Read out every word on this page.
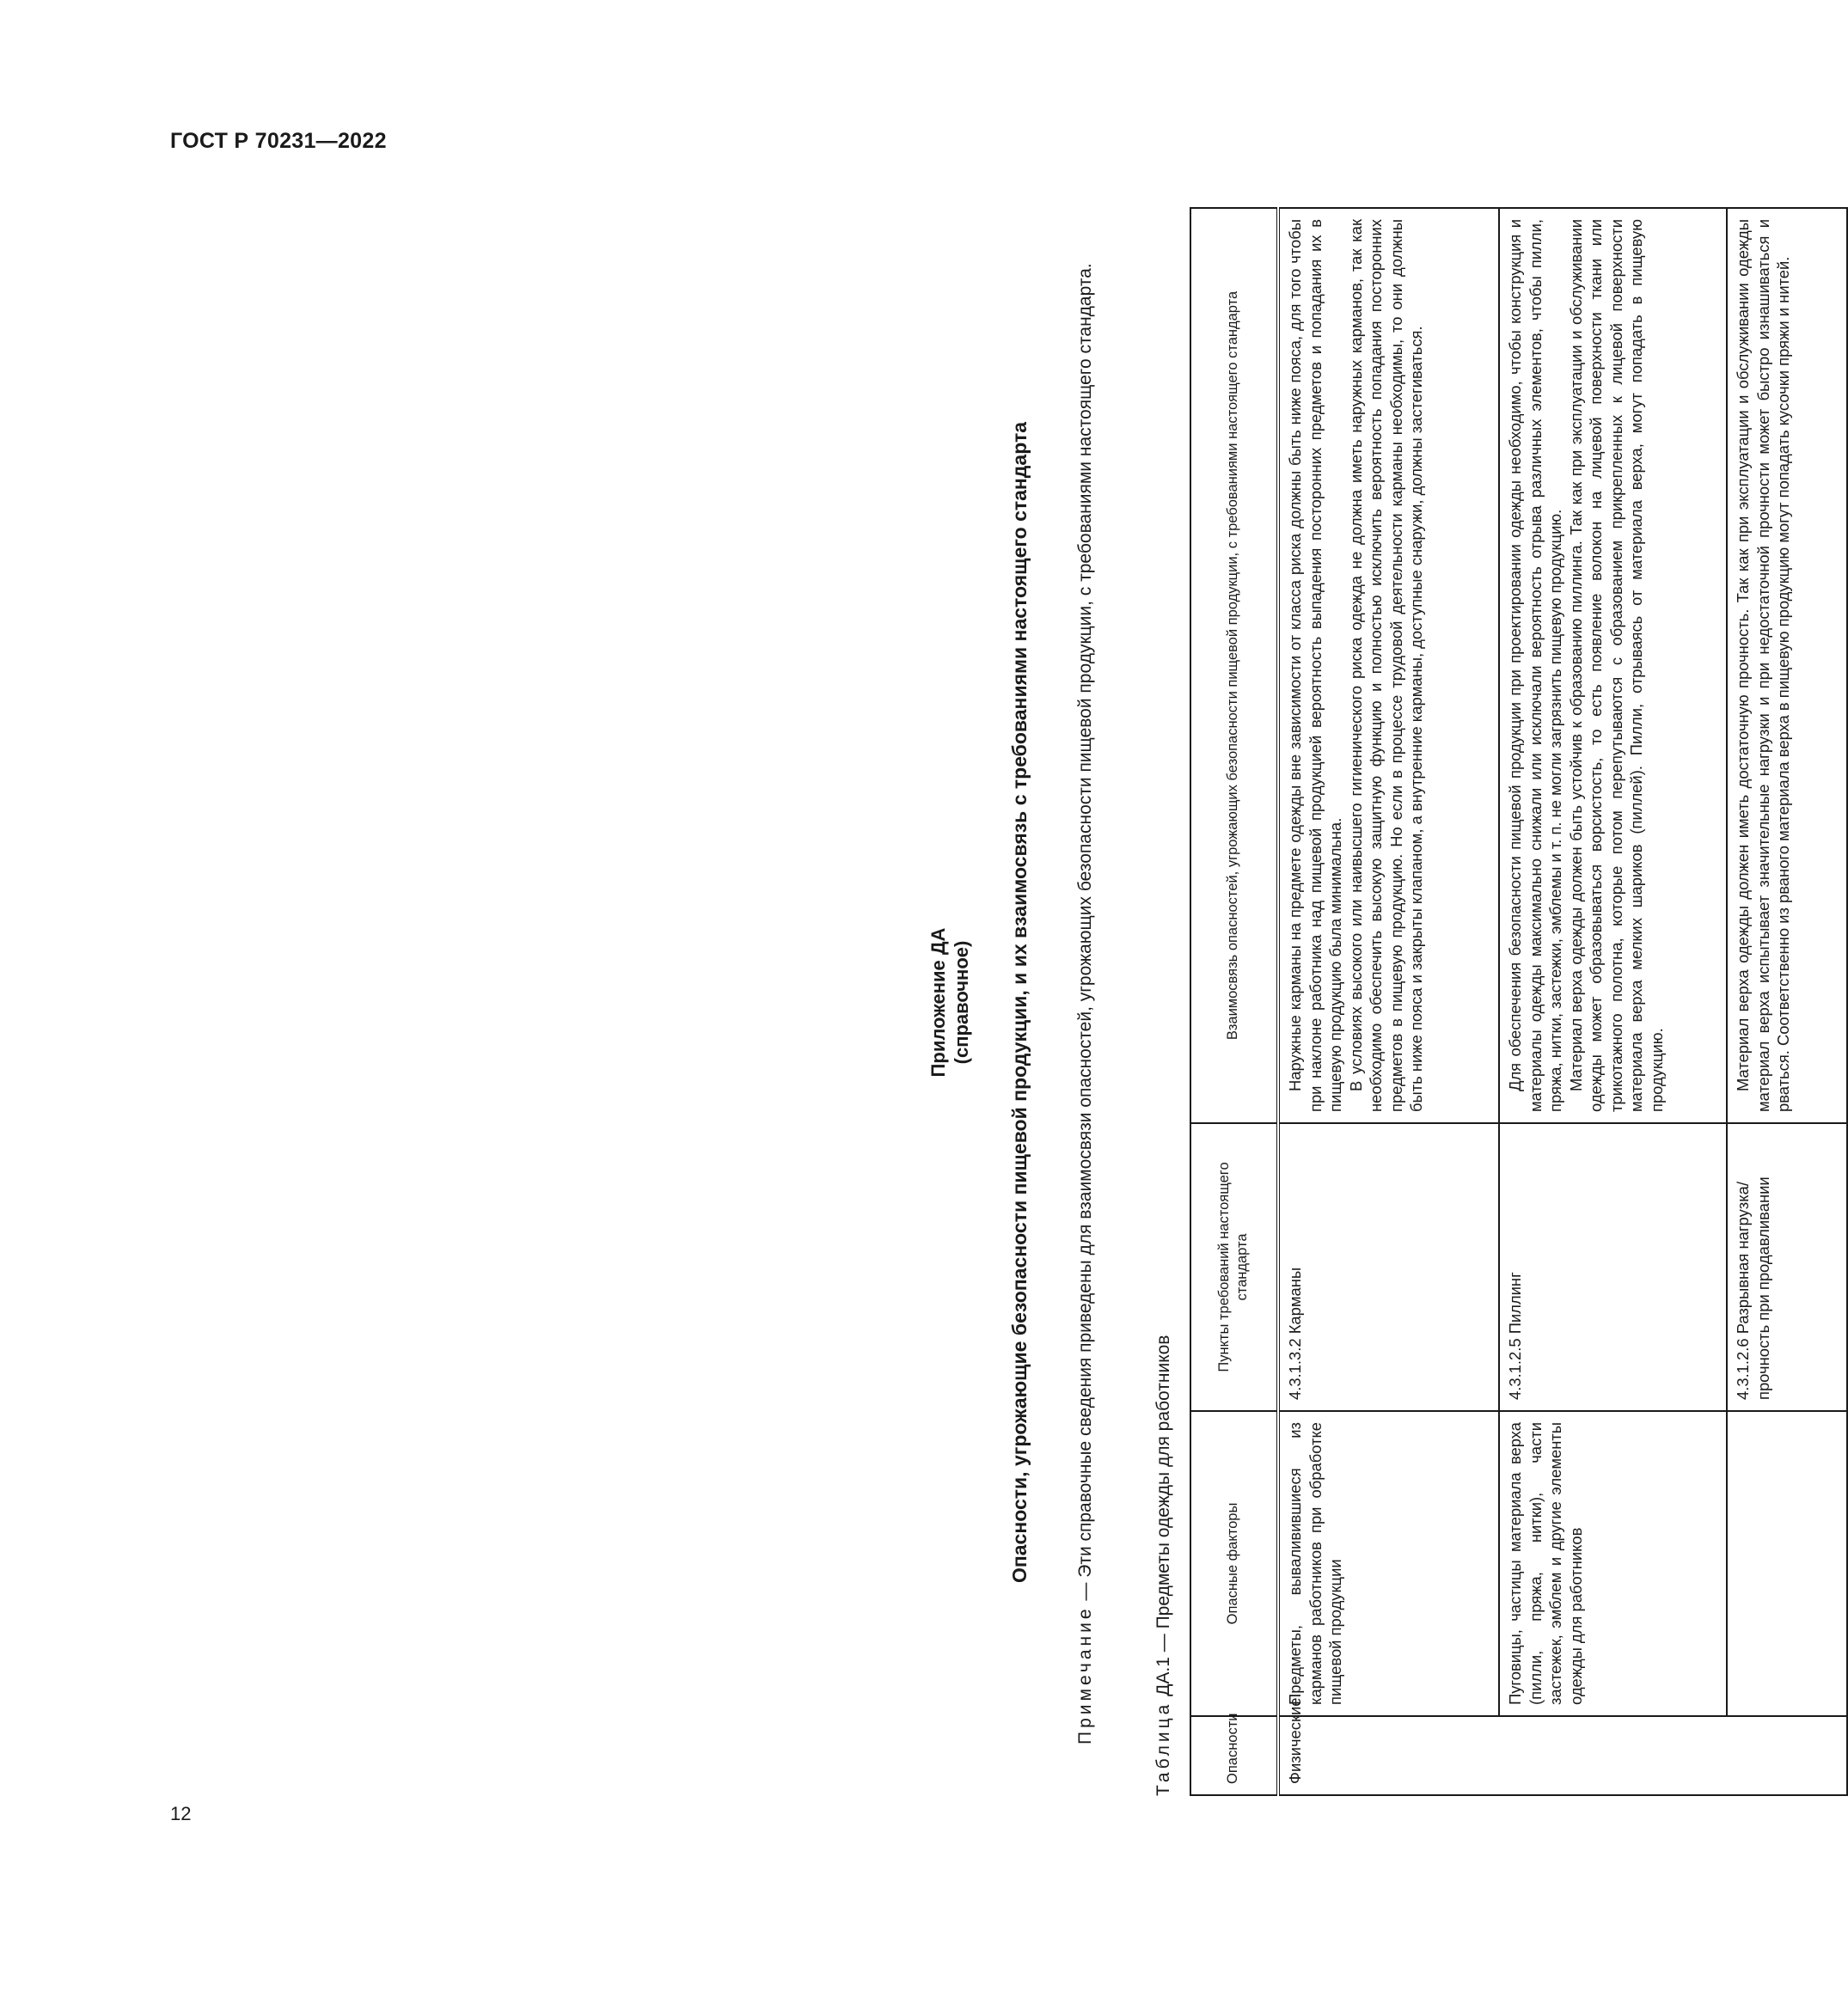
ГОСТ Р 70231—2022
12
Приложение ДА (справочное) Опасности, угрожающие безопасности пищевой продукции, и их взаимосвязь с требованиями настоящего стандарта
Примечание — Эти справочные сведения приведены для взаимосвязи опасностей, угрожающих безопасности пищевой продукции, с требованиями настоящего стандарта.
Таблица ДА.1 — Предметы одежды для работников
Опасности	Опасные факторы	Пункты требований настоящего стандарта	Взаимосвязь опасностей, угрожающих безопасности пищевой продукции, с требованиями настоящего стандарта
Физические	Предметы, вываливившиеся из карманов работников при обработке пищевой продукции	4.3.1.3.2 Карманы	Наружные карманы на предмете одежды вне зависимости от класса риска должны быть ниже пояса, для того чтобы при наклоне работника над пищевой продукцией вероятность выпадения посторонних предметов и попадания их в пищевую продукцию была минимальна. В условиях высокого или наивысшего гигиенического риска одежда не должна иметь наружных карманов, так как необходимо обеспечить высокую защитную функцию и полностью исключить вероятность попадания посторонних предметов в пищевую продукцию. Но если в процессе трудовой деятельности карманы необходимы, то они должны быть ниже пояса и закрыты клапаном, а внутренние карманы, доступные снаружи, должны застегиваться.

	Пуговицы, частицы материала верха (пилли, пряжа, нитки), части застежек, эмблем и другие элементы одежды для работников	4.3.1.2.5 Пиллинг	Для обеспечения безопасности пищевой продукции при проектировании одежды необходимо, чтобы конструкция и материалы одежды максимально снижали или исключали вероятность отрыва различных элементов, чтобы пилли, пряжа, нитки, застежки, эмблемы и т. п. не могли загрязнить пищевую продукцию. Материал верха одежды должен быть устойчив к образованию пиллинга. Так как при эксплуатации и обслуживании одежды может образовываться ворсистость, то есть появление волокон на лицевой поверхности ткани или трикотажного полотна, которые потом перепутываются с образованием прикрепленных к лицевой поверхности материала верха мелких шариков (пиллей). Пилли, отрываясь от материала верха, могут попадать в пищевую продукцию.

		4.3.1.2.6 Разрывная нагрузка/ прочность при продавливании	Материал верха одежды должен иметь достаточную прочность. Так как при эксплуатации и обслуживании одежды материал верха испытывает значительные нагрузки и при недостаточной прочности может быстро изнашиваться и рваться. Соответственно из рваного материала верха в пищевую продукцию могут попадать кусочки пряжи и нитей.
